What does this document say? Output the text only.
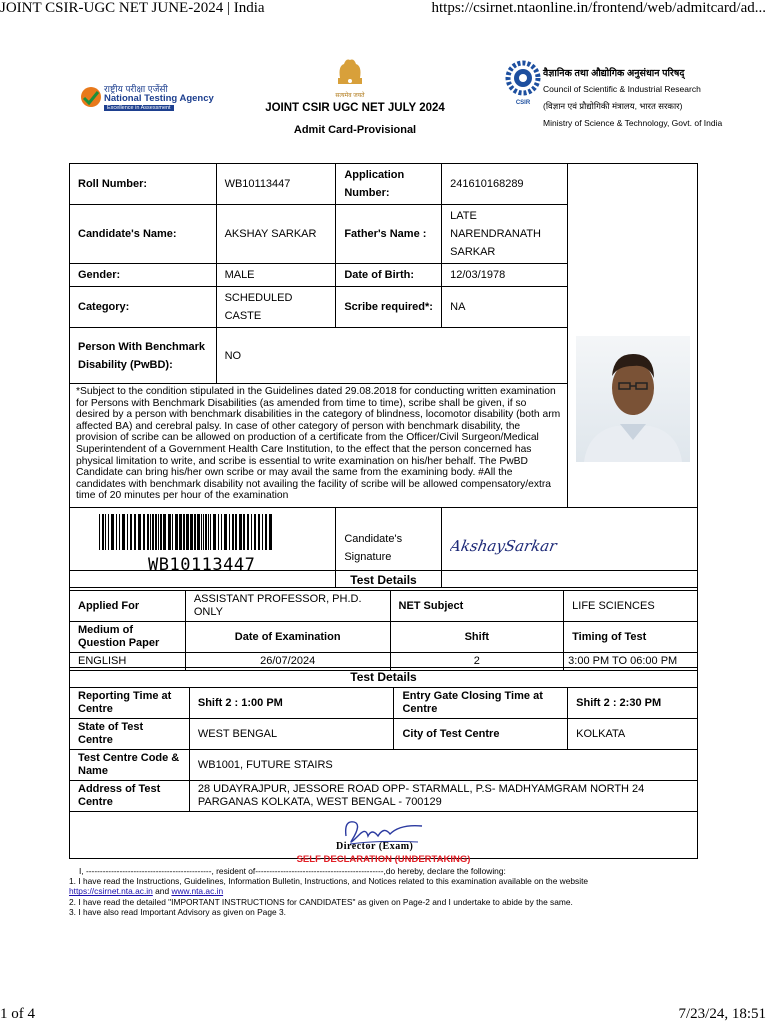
JOINT CSIR-UGC NET JUNE-2024 | India	https://csirnet.ntaonline.in/frontend/web/admitcard/ad...
1 of 4	7/23/24, 18:51
राष्ट्रीय परीक्षा एजेंसी
National Testing Agency
Excellence in Assessment
सत्यमेव जयते
JOINT CSIR UGC NET JULY 2024
Admit Card-Provisional
CSIR
वैज्ञानिक तथा औद्योगिक अनुसंधान परिषद्
Council of Scientific & Industrial Research
(विज्ञान एवं प्रौद्योगिकी मंत्रालय, भारत सरकार)
Ministry of Science & Technology, Govt. of India
Roll Number:	WB10113447	Application Number:	241610168289	
Candidate's Name:	AKSHAY SARKAR	Father's Name :	LATE NARENDRANATH SARKAR	
Gender:	MALE	Date of Birth:	12/03/1978	
Category:	SCHEDULED CASTE	Scribe required*:	NA	
Person With Benchmark Disability (PwBD):	NO	

*Subject to the condition stipulated in the Guidelines dated 29.08.2018 for conducting written examination for Persons with Benchmark Disabilities (as amended from time to time), scribe shall be given, if so desired by a person with benchmark disabilities in the category of blindness, locomotor disability (both arm affected BA) and cerebral palsy. In case of other category of person with benchmark disability, the provision of scribe can be allowed on production of a certificate from the Officer/Civil Surgeon/Medical Superintendent of a Government Health Care Institution, to the effect that the person concerned has physical limitation to write, and scribe is essential to write examination on his/her behalf. The PwBD Candidate can bring his/her own scribe or may avail the same from the examining body. #All the candidates with benchmark disability not availing the facility of scribe will be allowed compensatory/extra time of 20 minutes per hour of the examination				

WB10113447		Candidate's Signature	AkshaySarkar	
Test Details			
Applied For	ASSISTANT PROFESSOR, PH.D. ONLY	NET Subject	LIFE SCIENCES
Medium of Question Paper	Date of Examination	Shift	Timing of Test
ENGLISH	26/07/2024	2	3:00 PM TO 06:00 PM
Test Details			
Reporting Time at Centre	Shift 2 : 1:00 PM	Entry Gate Closing Time at Centre	Shift 2 : 2:30 PM
State of Test Centre	WEST BENGAL	City of Test Centre	KOLKATA
Test Centre Code & Name	WB1001, FUTURE STAIRS		
Address of Test Centre	28 UDAYRAJPUR, JESSORE ROAD OPP- STARMALL, P.S- MADHYAMGRAM NORTH 24 PARGANAS KOLKATA, WEST BENGAL - 700129		

Director (Exam)			
SELF DECLARATION (UNDERTAKING)
I, ---------------------------------------------, resident of----------------------------------------------,do hereby, declare the following:
1. I have read the Instructions, Guidelines, Information Bulletin, Instructions, and Notices related to this examination available on the website
https://csirnet.nta.ac.in and www.nta.ac.in
2. I have read the detailed "IMPORTANT INSTRUCTIONS for CANDIDATES" as given on Page-2 and I undertake to abide by the same.
3. I have also read Important Advisory as given on Page 3.
